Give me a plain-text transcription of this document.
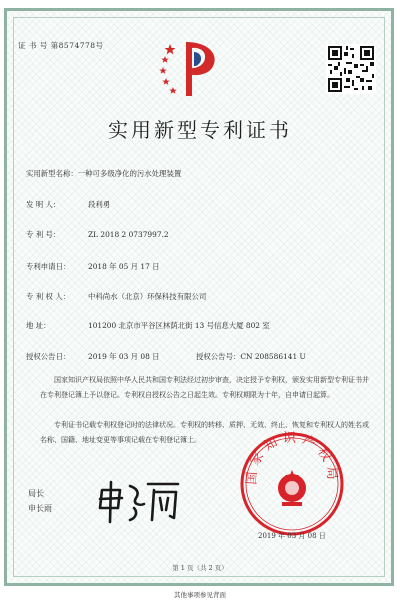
证 书 号 第8574778号
实用新型专利证书
实用新型名称：一种可多级净化的污水处理装置
发 明 人：	段利勇
专 利 号：	ZL 2018 2 0737997.2
专利申请日： 2018 年 05 月 17 日
专 利 权 人： 中科尚水（北京）环保科技有限公司
地 址：	101200 北京市平谷区林荫北街 13 号信息大厦 802 室
授权公告日： 2019 年 03 月 08 日	授权公告号：CN 208586141 U
国家知识产权局依照中华人民共和国专利法经过初步审查，决定授予专利权，颁发实用新型专利证书并在专利登记簿上予以登记。专利权自授权公告之日起生效。专利权期限为十年，自申请日起算。
专利证书记载专利权登记时的法律状况。专利权的转移、质押、无效、终止、恢复和专利权人的姓名或名称、国籍、地址变更等事项记载在专利登记簿上。
局长
申长雨
国家知识产权局
2019 年 03 月 08 日
第 1 页（共 2 页）
其他事项参见背面
